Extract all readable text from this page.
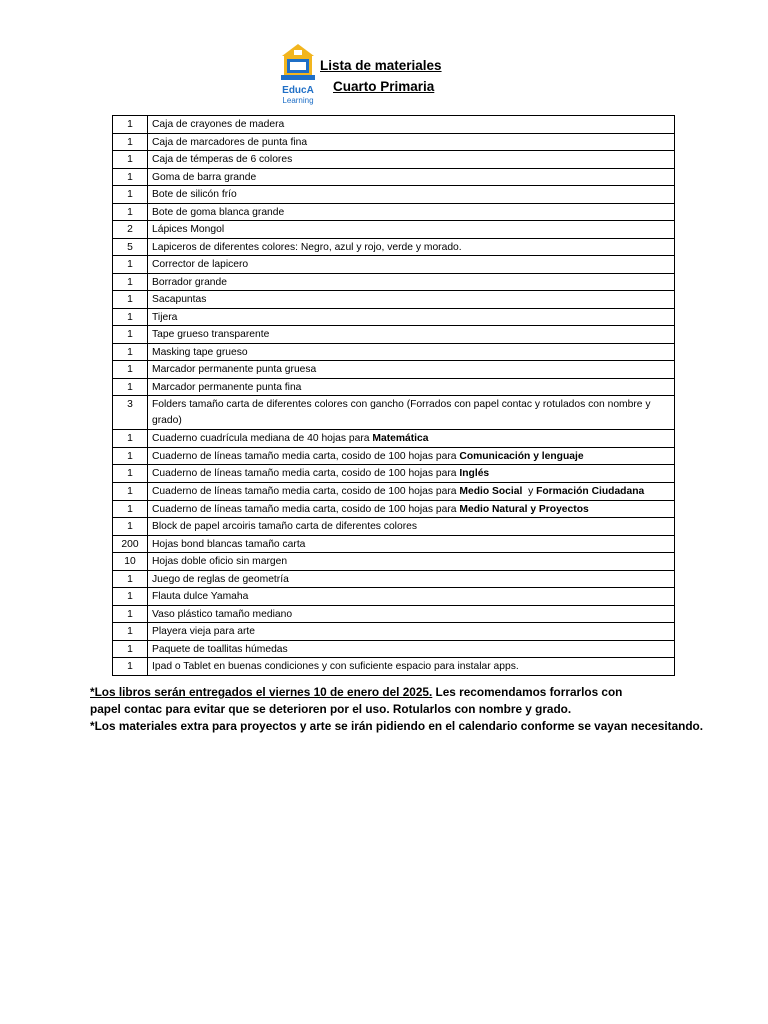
EducA
Learning
Lista de materiales
Cuarto Primaria
1	Caja de crayones de madera
1	Caja de marcadores de punta fina
1	Caja de témperas de 6 colores
1	Goma de barra grande
1	Bote de silicón frío
1	Bote de goma blanca grande
2	Lápices Mongol
5	Lapiceros de diferentes colores: Negro, azul y rojo, verde y morado.
1	Corrector de lapicero
1	Borrador grande
1	Sacapuntas
1	Tijera
1	Tape grueso transparente
1	Masking tape grueso
1	Marcador permanente punta gruesa
1	Marcador permanente punta fina
3	Folders tamaño carta de diferentes colores con gancho (Forrados con papel contac y rotulados con nombre y grado)
1	Cuaderno cuadrícula mediana de 40 hojas para Matemática
1	Cuaderno de líneas tamaño media carta, cosido de 100 hojas para Comunicación y lenguaje
1	Cuaderno de líneas tamaño media carta, cosido de 100 hojas para Inglés
1	Cuaderno de líneas tamaño media carta, cosido de 100 hojas para Medio Social  y Formación Ciudadana
1	Cuaderno de líneas tamaño media carta, cosido de 100 hojas para Medio Natural y Proyectos
1	Block de papel arcoiris tamaño carta de diferentes colores
200	Hojas bond blancas tamaño carta
10	Hojas doble oficio sin margen
1	Juego de reglas de geometría
1	Flauta dulce Yamaha
1	Vaso plástico tamaño mediano
1	Playera vieja para arte
1	Paquete de toallitas húmedas
1	Ipad o Tablet en buenas condiciones y con suficiente espacio para instalar apps.

*Los libros serán entregados el viernes 10 de enero del 2025. Les recomendamos forrarlos con

papel contac para evitar que se deterioren por el uso. Rotularlos con nombre y grado.

*Los materiales extra para proyectos y arte se irán pidiendo en el calendario conforme se vayan necesitando.
